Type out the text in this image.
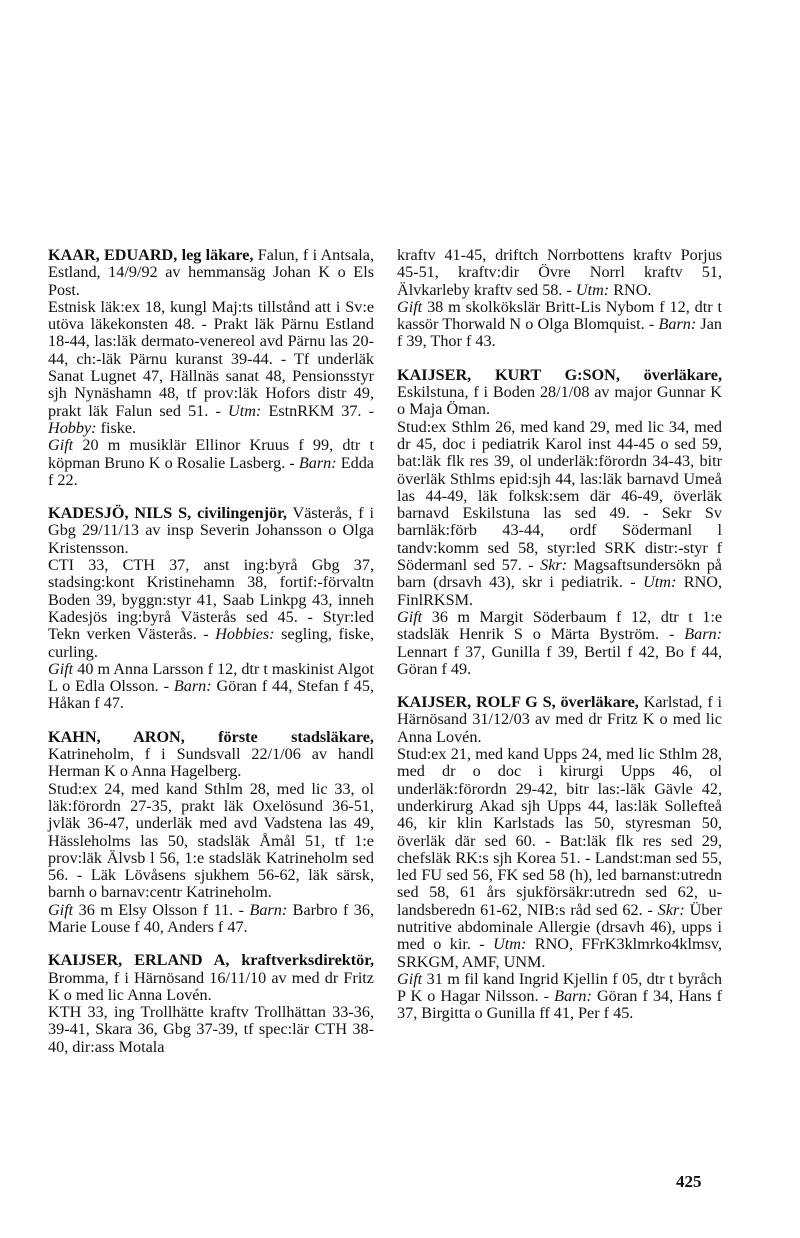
KAAR, EDUARD, leg läkare, Falun, f i Antsala, Estland, 14/9/92 av hemmansäg Johan K o Els Post.

Estnisk läk:ex 18, kungl Maj:ts tillstånd att i Sv:e utöva läkekonsten 48. - Prakt läk Pärnu Estland 18-44, las:läk dermato-venereol avd Pärnu las 20-44, ch:-läk Pärnu kuranst 39-44. - Tf underläk Sanat Lugnet 47, Hällnäs sanat 48, Pensionsstyr sjh Nynäshamn 48, tf prov:läk Hofors distr 49, prakt läk Falun sed 51. - Utm: EstnRKM 37. - Hobby: fiske.

Gift 20 m musiklär Ellinor Kruus f 99, dtr t köpman Bruno K o Rosalie Lasberg. - Barn: Edda f 22.

KADESJÖ, NILS S, civilingenjör, Västerås, f i Gbg 29/11/13 av insp Severin Johansson o Olga Kristensson.

CTI 33, CTH 37, anst ing:byrå Gbg 37, stadsing:kont Kristinehamn 38, fortif:-förvaltn Boden 39, byggn:styr 41, Saab Linkpg 43, inneh Kadesjös ing:byrå Västerås sed 45. - Styr:led Tekn verken Västerås. - Hobbies: segling, fiske, curling.

Gift 40 m Anna Larsson f 12, dtr t maskinist Algot L o Edla Olsson. - Barn: Göran f 44, Stefan f 45, Håkan f 47.

KAHN, ARON, förste stadsläkare, Katrineholm, f i Sundsvall 22/1/06 av handl Herman K o Anna Hagelberg.

Stud:ex 24, med kand Sthlm 28, med lic 33, ol läk:förordn 27-35, prakt läk Oxelösund 36-51, jvläk 36-47, underläk med avd Vadstena las 49, Hässleholms las 50, stadsläk Åmål 51, tf 1:e prov:läk Älvsb l 56, 1:e stadsläk Katrineholm sed 56. - Läk Lövåsens sjukhem 56-62, läk särsk, barnh o barnav:centr Katrineholm.

Gift 36 m Elsy Olsson f 11. - Barn: Barbro f 36, Marie Louse f 40, Anders f 47.

KAIJSER, ERLAND A, kraftverksdirektör, Bromma, f i Härnösand 16/11/10 av med dr Fritz K o med lic Anna Lovén.

KTH 33, ing Trollhätte kraftv Trollhättan 33-36, 39-41, Skara 36, Gbg 37-39, tf spec:lär CTH 38-40, dir:ass Motala

kraftv 41-45, driftch Norrbottens kraftv Porjus 45-51, kraftv:dir Övre Norrl kraftv 51, Älvkarleby kraftv sed 58. - Utm: RNO.

Gift 38 m skolkökslär Britt-Lis Nybom f 12, dtr t kassör Thorwald N o Olga Blomquist. - Barn: Jan f 39, Thor f 43.

KAIJSER, KURT G:SON, överläkare, Eskilstuna, f i Boden 28/1/08 av major Gunnar K o Maja Öman.

Stud:ex Sthlm 26, med kand 29, med lic 34, med dr 45, doc i pediatrik Karol inst 44-45 o sed 59, bat:läk flk res 39, ol underläk:förordn 34-43, bitr överläk Sthlms epid:sjh 44, las:läk barnavd Umeå las 44-49, läk folksk:sem där 46-49, överläk barnavd Eskilstuna las sed 49. - Sekr Sv barnläk:förb 43-44, ordf Södermanl l tandv:komm sed 58, styr:led SRK distr:-styr f Södermanl sed 57. - Skr: Magsaftsundersökn på barn (drsavh 43), skr i pediatrik. - Utm: RNO, FinlRKSM.

Gift 36 m Margit Söderbaum f 12, dtr t 1:e stadsläk Henrik S o Märta Byström. - Barn: Lennart f 37, Gunilla f 39, Bertil f 42, Bo f 44, Göran f 49.

KAIJSER, ROLF G S, överläkare, Karlstad, f i Härnösand 31/12/03 av med dr Fritz K o med lic Anna Lovén.

Stud:ex 21, med kand Upps 24, med lic Sthlm 28, med dr o doc i kirurgi Upps 46, ol underläk:förordn 29-42, bitr las:-läk Gävle 42, underkirurg Akad sjh Upps 44, las:läk Sollefteå 46, kir klin Karlstads las 50, styresman 50, överläk där sed 60. - Bat:läk flk res sed 29, chefsläk RK:s sjh Korea 51. - Landst:man sed 55, led FU sed 56, FK sed 58 (h), led barnanst:utredn sed 58, 61 års sjukförsäkr:utredn sed 62, u-landsberedn 61-62, NIB:s råd sed 62. - Skr: Über nutritive abdominale Allergie (drsavh 46), upps i med o kir. - Utm: RNO, FFrK3klmrko4klmsv, SRKGM, AMF, UNM.

Gift 31 m fil kand Ingrid Kjellin f 05, dtr t byråch P K o Hagar Nilsson. - Barn: Göran f 34, Hans f 37, Birgitta o Gunilla ff 41, Per f 45.

425
